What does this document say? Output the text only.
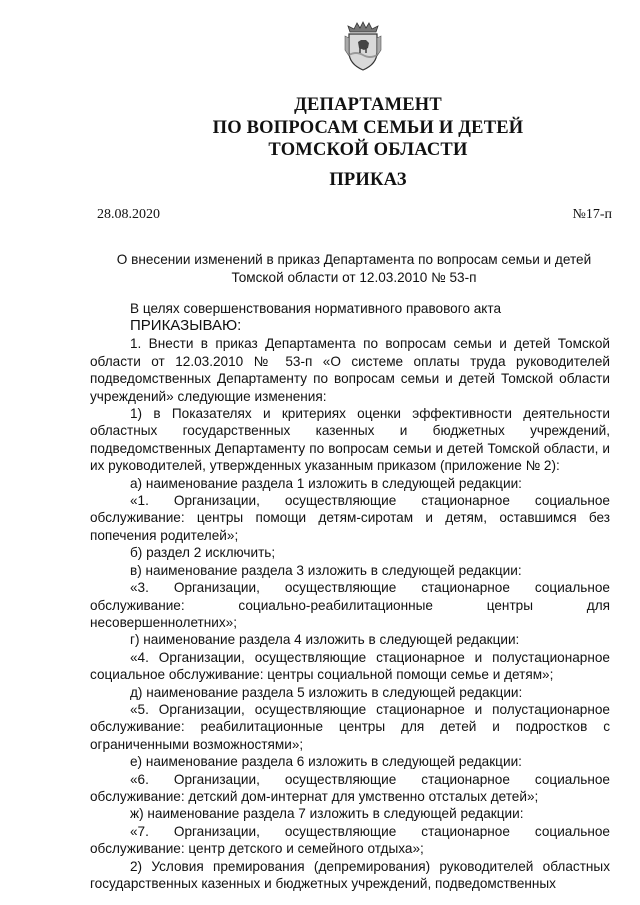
ДЕПАРТАМЕНТ
ПО ВОПРОСАМ СЕМЬИ И ДЕТЕЙ
ТОМСКОЙ ОБЛАСТИ
ПРИКАЗ
28.08.2020	№17-п
О внесении изменений в приказ Департамента по вопросам семьи и детей Томской области от 12.03.2010 № 53-п

В целях совершенствования нормативного правового акта

ПРИКАЗЫВАЮ:

1. Внести в приказ Департамента по вопросам семьи и детей Томской области от 12.03.2010 № 53-п «О системе оплаты труда руководителей подведомственных Департаменту по вопросам семьи и детей Томской области учреждений» следующие изменения:

1) в Показателях и критериях оценки эффективности деятельности областных государственных казенных и бюджетных учреждений, подведомственных Департаменту по вопросам семьи и детей Томской области, и их руководителей, утвержденных указанным приказом (приложение № 2):

а) наименование раздела 1 изложить в следующей редакции:

«1. Организации, осуществляющие стационарное социальное обслуживание: центры помощи детям-сиротам и детям, оставшимся без попечения родителей»;

б) раздел 2 исключить;

в) наименование раздела 3 изложить в следующей редакции:

«3. Организации, осуществляющие стационарное социальное обслуживание: социально-реабилитационные центры для несовершеннолетних»;

г) наименование раздела 4 изложить в следующей редакции:

«4. Организации, осуществляющие стационарное и полустационарное социальное обслуживание: центры социальной помощи семье и детям»;

д) наименование раздела 5 изложить в следующей редакции:

«5. Организации, осуществляющие стационарное и полустационарное обслуживание: реабилитационные центры для детей и подростков с ограниченными возможностями»;

е) наименование раздела 6 изложить в следующей редакции:

«6. Организации, осуществляющие стационарное социальное обслуживание: детский дом-интернат для умственно отсталых детей»;

ж) наименование раздела 7 изложить в следующей редакции:

«7. Организации, осуществляющие стационарное социальное обслуживание: центр детского и семейного отдыха»;

2) Условия премирования (депремирования) руководителей областных государственных казенных и бюджетных учреждений, подведомственных
